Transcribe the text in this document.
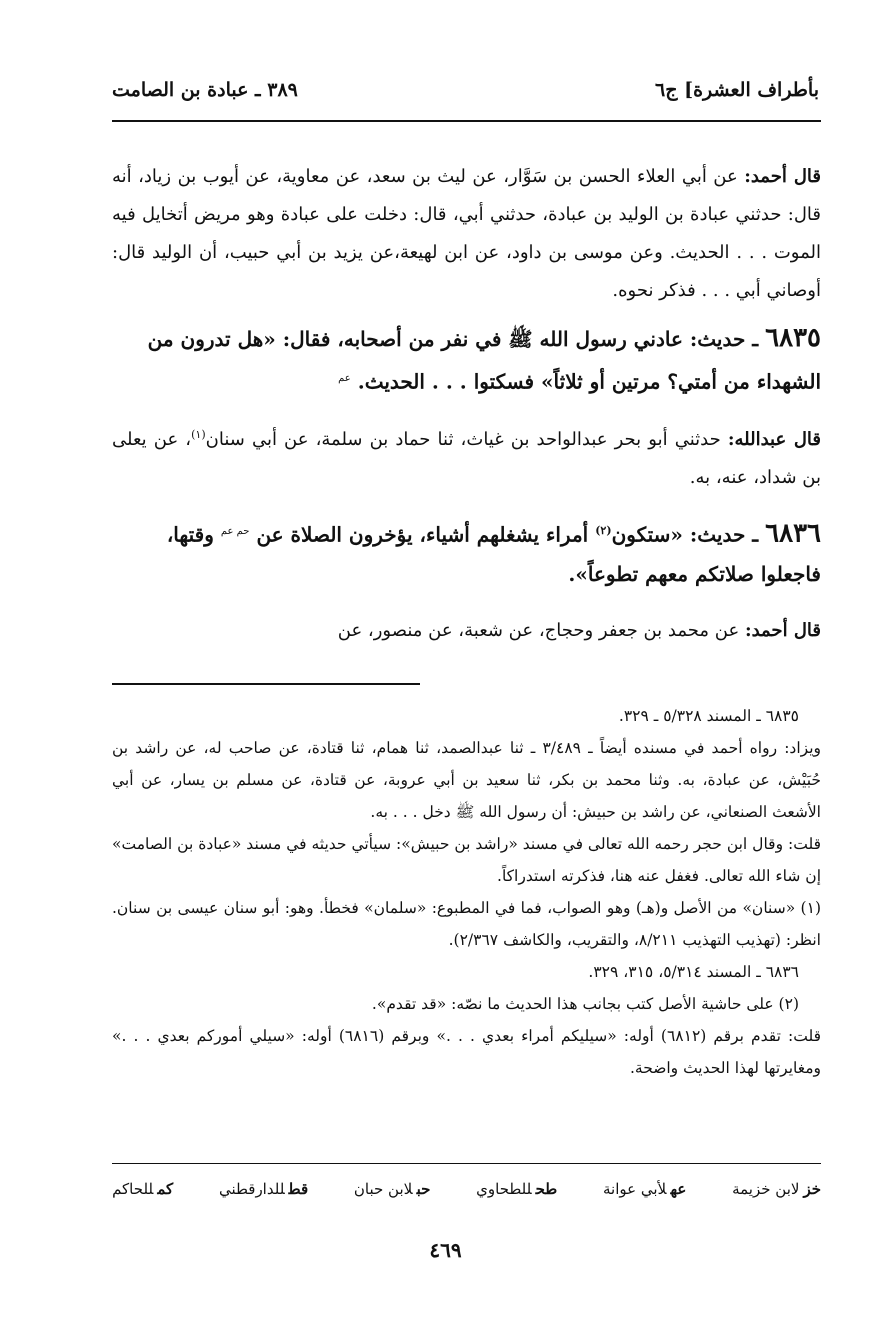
بأطراف العشرة] ج٦
٣٨٩ ـ عبادة بن الصامت

قال أحمد: عن أبي العلاء الحسن بن سَوَّار، عن ليث بن سعد، عن معاوية، عن أيوب بن زياد، أنه قال: حدثني عبادة بن الوليد بن عبادة، حدثني أبي، قال: دخلت على عبادة وهو مريض أتخايل فيه الموت . . . الحديث. وعن موسى بن داود، عن ابن لهيعة،عن يزيد بن أبي حبيب، أن الوليد قال: أوصاني أبي . . . فذكر نحوه.

٦٨٣٥ ـ حديث: عادني رسول الله ﷺ في نفر من أصحابه، فقال: «هل تدرون من الشهداء من أمتي؟ مرتين أو ثلاثاً» فسكتوا . . . الحديث. $^{عم}$

قال عبدالله: حدثني أبو بحر عبدالواحد بن غياث، ثنا حماد بن سلمة، عن أبي سنان$^{(١)}$، عن يعلى بن شداد، عنه، به.

٦٨٣٦ ـ حديث: «ستكون$^{(٢)}$ أمراء يشغلهم أشياء، يؤخرون الصلاة عن $^{حم عم}$ وقتها، فاجعلوا صلاتكم معهم تطوعاً».

قال أحمد: عن محمد بن جعفر وحجاج، عن شعبة، عن منصور، عن

٦٨٣٥ ـ المسند ٥/٣٢٨ ـ ٣٢٩.

ويزاد: رواه أحمد في مسنده أيضاً ـ ٣/٤٨٩ ـ ثنا عبدالصمد، ثنا همام، ثنا قتادة، عن صاحب له، عن راشد بن حُبَيْش، عن عبادة، به. وثنا محمد بن بكر، ثنا سعيد بن أبي عروبة، عن قتادة، عن مسلم بن يسار، عن أبي الأشعث الصنعاني، عن راشد بن حبيش: أن رسول الله ﷺ دخل . . . به.

قلت: وقال ابن حجر رحمه الله تعالى في مسند «راشد بن حبيش»: سيأتي حديثه في مسند «عبادة بن الصامت» إن شاء الله تعالى. فغفل عنه هنا، فذكرته استدراكاً.

(١) «سنان» من الأصل و(هـ) وهو الصواب، فما في المطبوع: «سلمان» فخطأ. وهو: أبو سنان عيسى بن سنان. انظر: (تهذيب التهذيب ٨/٢١١، والتقريب، والكاشف ٢/٣٦٧).

٦٨٣٦ ـ المسند ٥/٣١٤، ٣١٥، ٣٢٩.

(٢) على حاشية الأصل كتب بجانب هذا الحديث ما نصّه: «قد تقدم».

قلت: تقدم برقم (٦٨١٢) أوله: «سيليكم أمراء بعدي . . .» وبرقم (٦٨١٦) أوله: «سيلي أموركم بعدي . . .» ومغايرتها لهذا الحديث واضحة.

خزلابن خزيمة
عهلأبي عوانة
طحللطحاوي
حبلابن حبان
قطللدارقطني
كمللحاكم
٤٦٩
